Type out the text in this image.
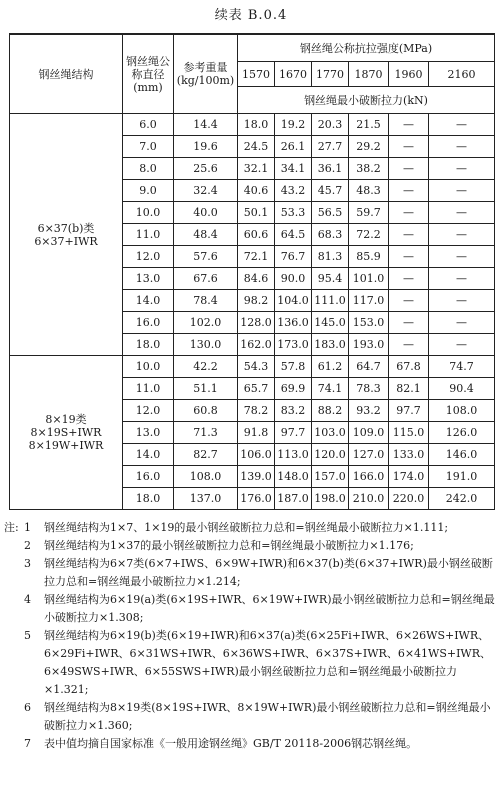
续表 B.0.4
钢丝绳结构	钢丝绳公称直径(mm)	参考重量(kg/100m)	钢丝绳公称抗拉强度(MPa)					
			1570	1670	1770	1870	1960	2160
			钢丝绳最小破断拉力(kN)					

6×37(b)类
6×37+IWR	6.0	14.4	18.0	19.2	20.3	21.5	—	—
	7.0	19.6	24.5	26.1	27.7	29.2	—	—
	8.0	25.6	32.1	34.1	36.1	38.2	—	—
	9.0	32.4	40.6	43.2	45.7	48.3	—	—
	10.0	40.0	50.1	53.3	56.5	59.7	—	—
	11.0	48.4	60.6	64.5	68.3	72.2	—	—
	12.0	57.6	72.1	76.7	81.3	85.9	—	—
	13.0	67.6	84.6	90.0	95.4	101.0	—	—
	14.0	78.4	98.2	104.0	111.0	117.0	—	—
	16.0	102.0	128.0	136.0	145.0	153.0	—	—
	18.0	130.0	162.0	173.0	183.0	193.0	—	—

8×19类
8×19S+IWR
8×19W+IWR	10.0	42.2	54.3	57.8	61.2	64.7	67.8	74.7
	11.0	51.1	65.7	69.9	74.1	78.3	82.1	90.4
	12.0	60.8	78.2	83.2	88.2	93.2	97.7	108.0
	13.0	71.3	91.8	97.7	103.0	109.0	115.0	126.0
	14.0	82.7	106.0	113.0	120.0	127.0	133.0	146.0
	16.0	108.0	139.0	148.0	157.0	166.0	174.0	191.0
	18.0	137.0	176.0	187.0	198.0	210.0	220.0	242.0
注: 1	钢丝绳结构为1×7、1×19的最小钢丝破断拉力总和=钢丝绳最小破断拉力×1.111;
2	钢丝绳结构为1×37的最小钢丝破断拉力总和=钢丝绳最小破断拉力×1.176;
3	钢丝绳结构为6×7类(6×7+IWS、6×9W+IWR)和6×37(b)类(6×37+IWR)最小钢丝破断拉力总和=钢丝绳最小破断拉力×1.214;
4	钢丝绳结构为6×19(a)类(6×19S+IWR、6×19W+IWR)最小钢丝破断拉力总和=钢丝绳最小破断拉力×1.308;
5	钢丝绳结构为6×19(b)类(6×19+IWR)和6×37(a)类(6×25Fi+IWR、6×26WS+IWR、6×29Fi+IWR、6×31WS+IWR、6×36WS+IWR、6×37S+IWR、6×41WS+IWR、6×49SWS+IWR、6×55SWS+IWR)最小钢丝破断拉力总和=钢丝绳最小破断拉力×1.321;
6	钢丝绳结构为8×19类(8×19S+IWR、8×19W+IWR)最小钢丝破断拉力总和=钢丝绳最小破断拉力×1.360;
7	表中值均摘自国家标准《一般用途钢丝绳》GB/T 20118-2006钢芯钢丝绳。
